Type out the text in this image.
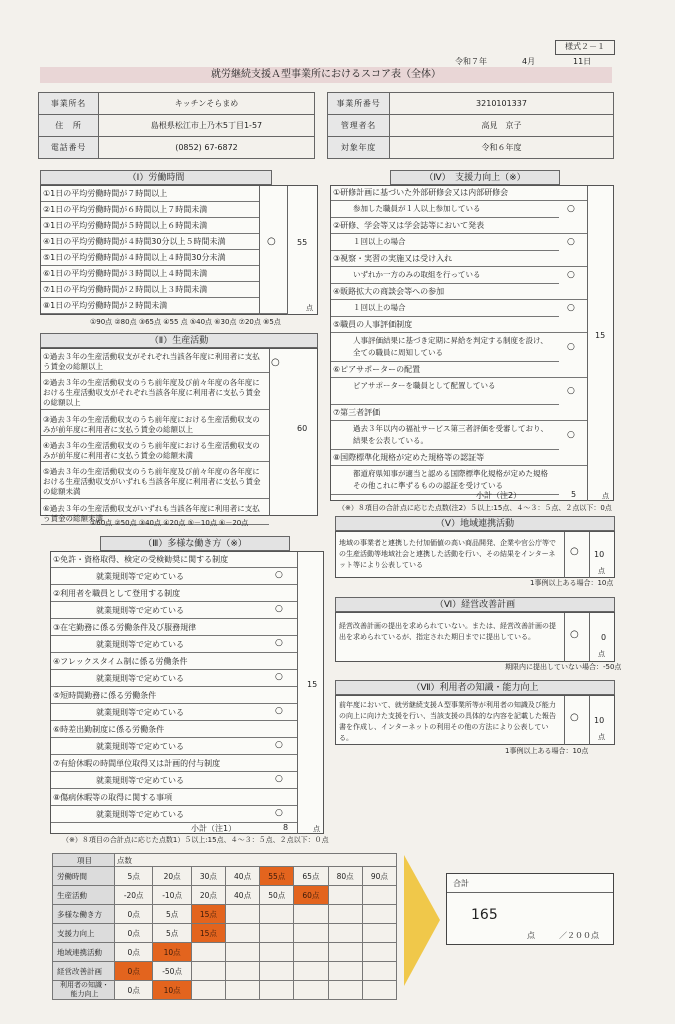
様式２－１
令和７年	4月	11日
就労継続支援Ａ型事業所におけるスコア表（全体）
事業所名	キッチンそらまめ
住　所	島根県松江市上乃木5丁目1-57
電話番号	(0852) 67-6872
事業所番号	3210101337
管理者名	高見　京子
対象年度	令和６年度
（Ⅰ）労働時間
①1日の平均労働時間が７時間以上
②1日の平均労働時間が６時間以上７時間未満
③1日の平均労働時間が５時間以上６時間未満
④1日の平均労働時間が４時間30分以上５時間未満
⑤1日の平均労働時間が４時間以上４時間30分未満
⑥1日の平均労働時間が３時間以上４時間未満
⑦1日の平均労働時間が２時間以上３時間未満
⑧1日の平均労働時間が２時間未満
○	55
点
①90点 ②80点 ③65点 ④55 点 ⑤40点 ⑥30点 ⑦20点 ⑧5点
（Ⅱ）生産活動
①過去３年の生産活動収支がそれぞれ当該各年度に利用者に支払う賃金の総額以上
②過去３年の生産活動収支のうち前年度及び前々年度の各年度における生産活動収支がそれぞれ当該各年度に利用者に支払う賃金の総額以上
③過去３年の生産活動収支のうち前年度における生産活動収支のみが前年度に利用者に支払う賃金の総額以上
④過去３年の生産活動収支のうち前年度における生産活動収支のみが前年度に利用者に支払う賃金の総額未満
⑤過去３年の生産活動収支のうち前年度及び前々年度の各年度における生産活動収支がいずれも当該各年度に利用者に支払う賃金の総額未満
⑥過去３年の生産活動収支がいずれも当該各年度に利用者に支払う賃金の総額未満
○
60
①60点 ②50点 ③40点 ④20点 ⑤－10点 ⑥－20点
（Ⅲ）多様な働き方（※）
①免許・資格取得、検定の受検勧奨に関する制度
就業規則等で定めている	○
②利用者を職員として登用する制度
就業規則等で定めている	○
③在宅勤務に係る労働条件及び服務規律
就業規則等で定めている	○
④フレックスタイム制に係る労働条件
就業規則等で定めている	○
⑤短時間勤務に係る労働条件
就業規則等で定めている	○
⑥時差出勤制度に係る労働条件
就業規則等で定めている	○
⑦有給休暇の時間単位取得又は計画的付与制度
就業規則等で定めている	○
⑧傷病休暇等の取得に関する事項
就業規則等で定めている	○
15
小計（注1）	8	点
（※）８項目の合計点に応じた点数1）５以上:15点、４～３：５点、２点以下：０点
（Ⅳ）　支援力向上（※）
①研修計画に基づいた外部研修会又は内部研修会
参加した職員が１人以上参加している	○
②研修、学会等又は学会誌等において発表
１回以上の場合	○
③視察・実習の実施又は受け入れ
いずれか一方のみの取組を行っている	○
④販路拡大の商談会等への参加
１回以上の場合	○
⑤職員の人事評価制度
人事評価結果に基づき定期に昇給を判定する制度を設け、全ての職員に周知している
○
⑥ピアサポーターの配置
ピアサポーターを職員として配置している
○
⑦第三者評価
過去３年以内の福祉サービス第三者評価を受審しており、結果を公表している。
○
⑧国際標準化規格が定めた規格等の認証等
都道府県知事が適当と認める国際標準化規格が定めた規格その他これに準ずるものの認証を受けている
15
小計（注2）	5	点
（※）８項目の合計点に応じた点数(注2）５以上:15点、４～３：５点、２点以下：0点
（Ⅴ）地域連携活動
地域の事業者と連携した付加価値の高い商品開発、企業や官公庁等での生産活動等地域社会と連携した活動を行い、その結果をインターネット等により公表している
○ 10
点
1事例以上ある場合：10点
（Ⅵ）経営改善計画
経営改善計画の提出を求められていない。または、経営改善計画の提出を求められているが、指定された期日までに提出している。	○	0
点
期限内に提出していない場合：-50点
（Ⅶ）利用者の知識・能力向上
前年度において、就労継続支援Ａ型事業所等が利用者の知識及び能力の向上に向けた支援を行い、当該支援の具体的な内容を記載した報告書を作成し、インターネットの利用その他の方法により公表している。
○ 10
点
1事例以上ある場合：10点
項目	点数							
労働時間	5点	20点	30点	40点	55点	65点	80点	90点
生産活動	-20点	-10点	20点	40点	50点	60点		
多様な働き方	0点	5点	15点					
支援力向上	0点	5点	15点					
地域連携活動	0点	10点						
経営改善計画	0点	-50点						
利用者の知識・能力向上	0点	10点						
合計
165
点	／２００点
